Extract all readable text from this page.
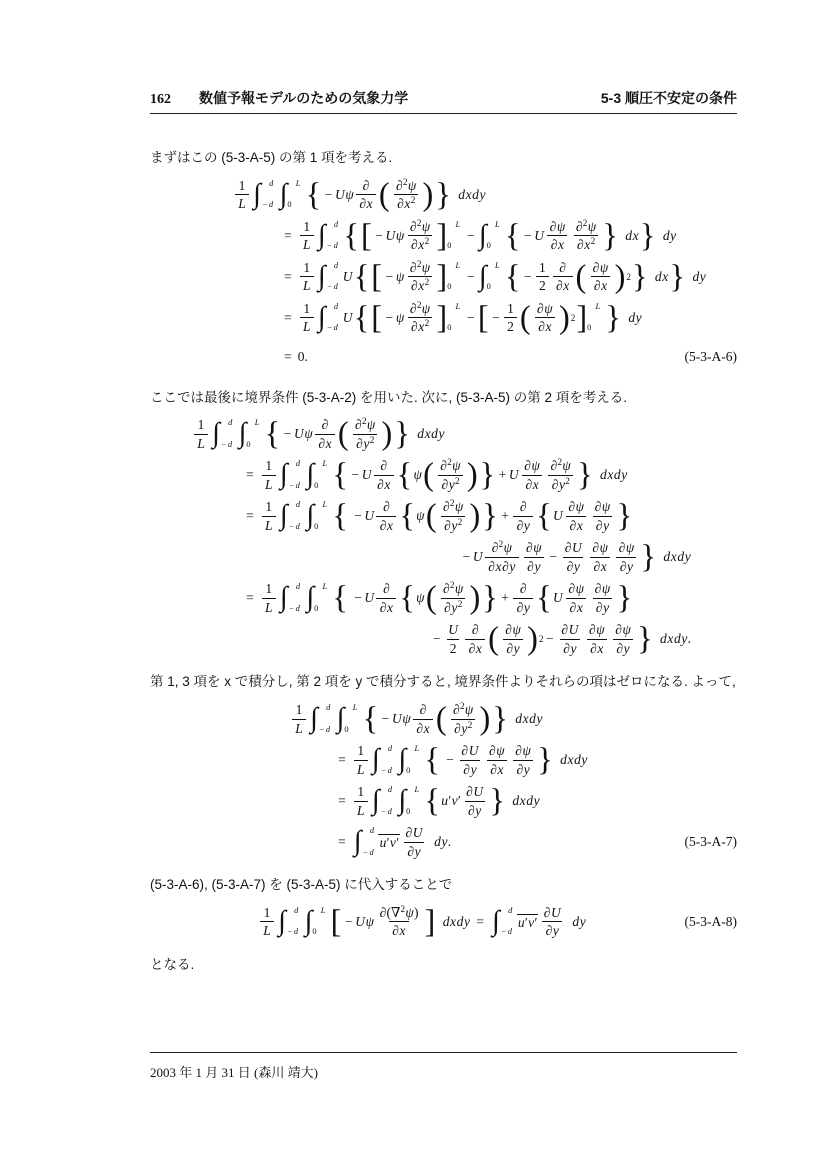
162 数値予報モデルのための気象力学	5-3 順圧不安定の条件

まずはこの (5-3-A-5) の第 1 項を考える.

1
L ∫ d
− d ∫ L
0 { − U ψ
∂
∂x ( ∂$^2$ψ
$\partial x^2$ ) } d x d y
= $\frac{1}{L}$ ∫ d
− d { [ − U ψ
∂$^2$ψ
$\partial x^2$ ] L
0
− ∫ L
0 { − U
∂ψ
∂x
∂$^2$ψ
$\partial x^2$ } d x } d y
= $\frac{1}{L}$ ∫ d
− d
U { [ − ψ
∂$^2$ψ
$\partial x^2$ ] L
0
− ∫ L
0 { − $\frac{1}{2}$ ∂
∂x ( ∂ψ
∂x ) 2 } d x } d y
= $\frac{1}{L}$ ∫ d
− d
U { [ − ψ
∂$^2$ψ
$\partial x^2$ ] L
0
− [ − $\frac{1}{2}$ ( ∂ψ
∂x ) 2 ] L
0 } d y
= 0.	(5-3-A-6)

ここでは最後に境界条件 (5-3-A-2) を用いた. 次に, (5-3-A-5) の第 2 項を考える.

1
L ∫ d
− d ∫ L
0 { − U ψ
∂
∂x ( ∂$^2$ψ
$\partial y^2$ ) } d x d y
= $\frac{1}{L}$ ∫ d
− d ∫ L
0 { − U
∂
∂x { ψ ( ∂$^2$ψ
$\partial y^2$ ) } + U
∂ψ
∂x
∂$^2$ψ
$\partial y^2$ } d x d y
= $\frac{1}{L}$ ∫ d
− d ∫ L
0 { − U
∂
∂x { ψ ( ∂$^2$ψ
$\partial y^2$ ) } +
∂
∂y { U
∂ψ
∂x
∂ψ
∂y }
− U
∂$^2$ψ
∂x∂y
∂ψ
∂y
− $\frac{\partial U}{\partial y} \partial\psi$
∂x
∂ψ
∂y } d x d y
= $\frac{1}{L}$ ∫ d
− d ∫ L
0 { − U
∂
∂x { ψ ( ∂$^2$ψ
$\partial y^2$ ) } +
∂
∂y { U
∂ψ
∂x
∂ψ
∂y }
− $\frac{U}{2}$ ∂
∂x ( ∂ψ
∂y ) $2 - \frac{\partial U}{\partial y} \partial\psi$
∂x
∂ψ
∂y } d x d y .

第 1, 3 項を x で積分し, 第 2 項を y で積分すると, 境界条件よりそれらの項はゼロになる. よって,

1
L ∫ d
− d ∫ L
0 { − U ψ
∂
∂x ( ∂$^2$ψ
$\partial y^2$ ) } d x d y
= $\frac{1}{L}$ ∫ d
− d ∫ L
0 { − $\frac{\partial U}{\partial y} \partial\psi$
∂x
∂ψ
∂y } d x d y
= $\frac{1}{L}$ ∫ d
− d ∫ L
0 { u ′ v ′
∂U
∂y } d x d y
= ∫ d
− d
u′v′
∂U
∂y
d y .	(5-3-A-7)

(5-3-A-6), (5-3-A-7) を (5-3-A-5) に代入することで

1
L ∫ d
− d ∫ L
0 [ − U ψ
∂(∇$^2$ψ)
∂x ] d x d y = ∫ d
− d
u′v′
∂U
∂y
d y	(5-3-A-8)

となる.

2003 年 1 月 31 日 (森川 靖大)
